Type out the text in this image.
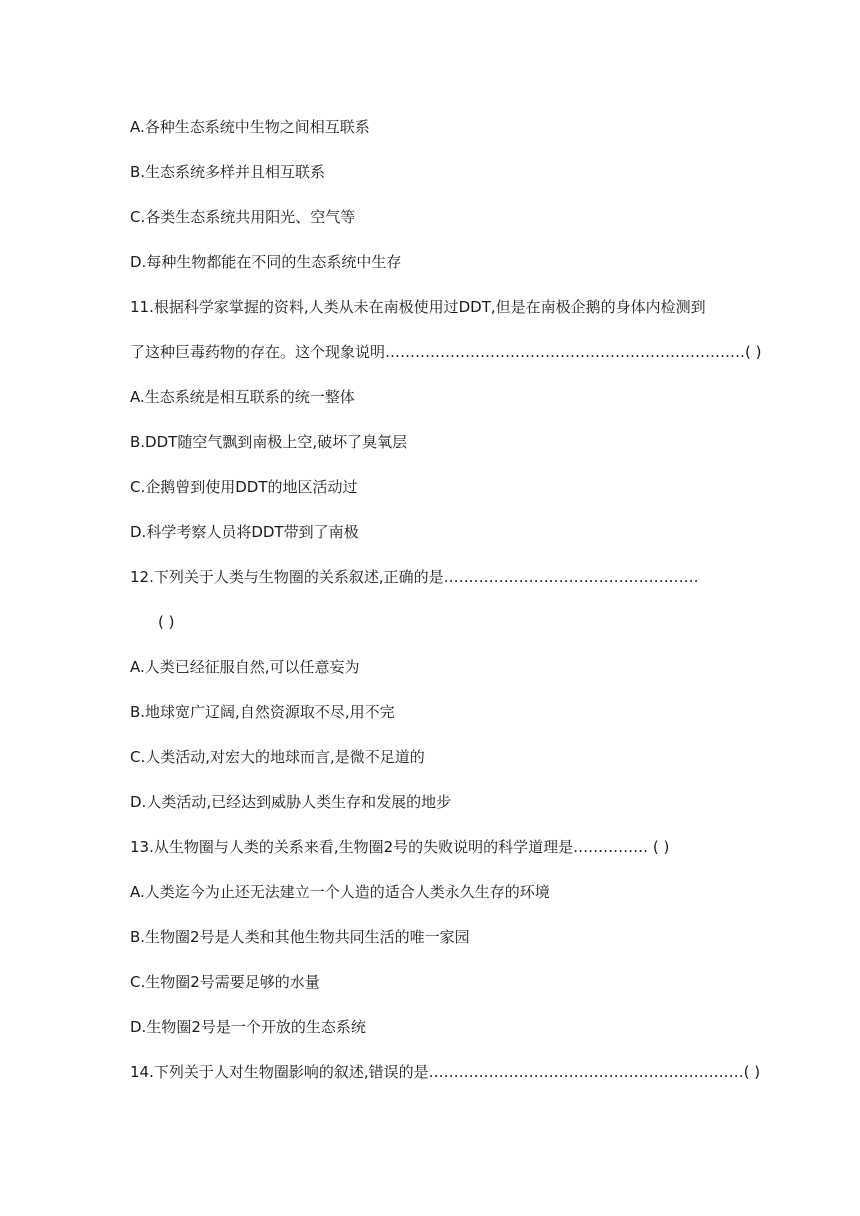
A.各种生态系统中生物之间相互联系
B.生态系统多样并且相互联系
C.各类生态系统共用阳光、空气等
D.每种生物都能在不同的生态系统中生存
11.根据科学家掌握的资料,人类从未在南极使用过DDT,但是在南极企鹅的身体内检测到
了这种巨毒药物的存在。这个现象说明………………………………………………………………( )
A.生态系统是相互联系的统一整体
B.DDT随空气飘到南极上空,破坏了臭氧层
C.企鹅曾到使用DDT的地区活动过
D.科学考察人员将DDT带到了南极
12.下列关于人类与生物圈的关系叙述,正确的是……………………………………………
( )
A.人类已经征服自然,可以任意妄为
B.地球宽广辽阔,自然资源取不尽,用不完
C.人类活动,对宏大的地球而言,是微不足道的
D.人类活动,已经达到威胁人类生存和发展的地步
13.从生物圈与人类的关系来看,生物圈2号的失败说明的科学道理是…………… ( )
A.人类迄今为止还无法建立一个人造的适合人类永久生存的环境
B.生物圈2号是人类和其他生物共同生活的唯一家园
C.生物圈2号需要足够的水量
D.生物圈2号是一个开放的生态系统
14.下列关于人对生物圈影响的叙述,错误的是………………………………………………………( )
